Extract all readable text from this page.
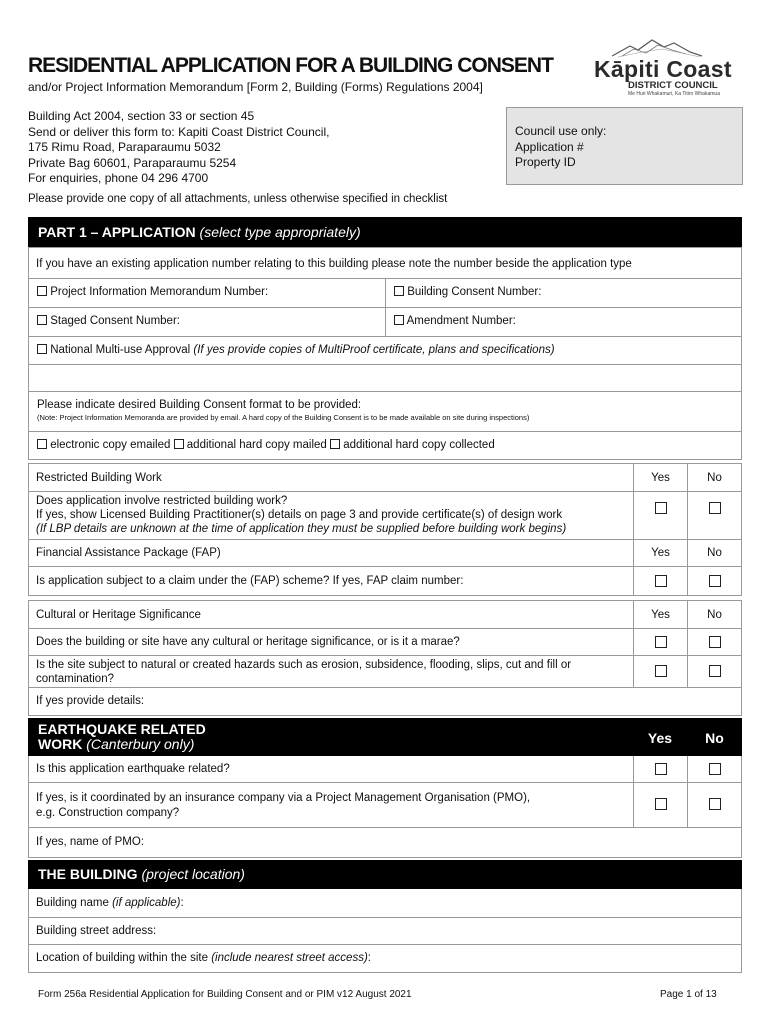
RESIDENTIAL APPLICATION FOR A BUILDING CONSENT
and/or Project Information Memorandum [Form 2, Building (Forms) Regulations 2004]
Kāpiti Coast
DISTRICT COUNCIL
Me Huri Whakamuri, Ka Titiro Whakamua
Building Act 2004, section 33 or section 45
Send or deliver this form to: Kapiti Coast District Council,
175 Rimu Road, Paraparaumu 5032
Private Bag 60601, Paraparaumu 5254
For enquiries, phone 04 296 4700
Council use only:
Application #
Property ID
Please provide one copy of all attachments, unless otherwise specified in checklist
PART 1 – APPLICATION (select type appropriately)
If you have an existing application number relating to this building please note the number beside the application type
Project Information Memorandum Number:	Building Consent Number:
Staged Consent Number:	Amendment Number:
National Multi-use Approval (If yes provide copies of MultiProof certificate, plans and specifications)
Please indicate desired Building Consent format to be provided:
(Note: Project Information Memoranda are provided by email. A hard copy of the Building Consent is to be made available on site during inspections)
electronic copy emailed additional hard copy mailed additional hard copy collected
Restricted Building Work	Yes	No
Does application involve restricted building work?
If yes, show Licensed Building Practitioner(s) details on page 3 and provide certificate(s) of design work
(If LBP details are unknown at the time of application they must be supplied before building work begins)
Financial Assistance Package (FAP)	Yes	No
Is application subject to a claim under the (FAP) scheme? If yes, FAP claim number:
Cultural or Heritage Significance	Yes	No
Does the building or site have any cultural or heritage significance, or is it a marae?
Is the site subject to natural or created hazards such as erosion, subsidence, flooding, slips, cut and fill or
contamination?
If yes provide details:
EARTHQUAKE RELATED
WORK (Canterbury only)	Yes	No
Is this application earthquake related?
If yes, is it coordinated by an insurance company via a Project Management Organisation (PMO),
e.g. Construction company?
If yes, name of PMO:
THE BUILDING (project location)
Building name (if applicable):
Building street address:
Location of building within the site (include nearest street access):
Form 256a Residential Application for Building Consent and or PIM v12 August 2021	Page 1 of 13
